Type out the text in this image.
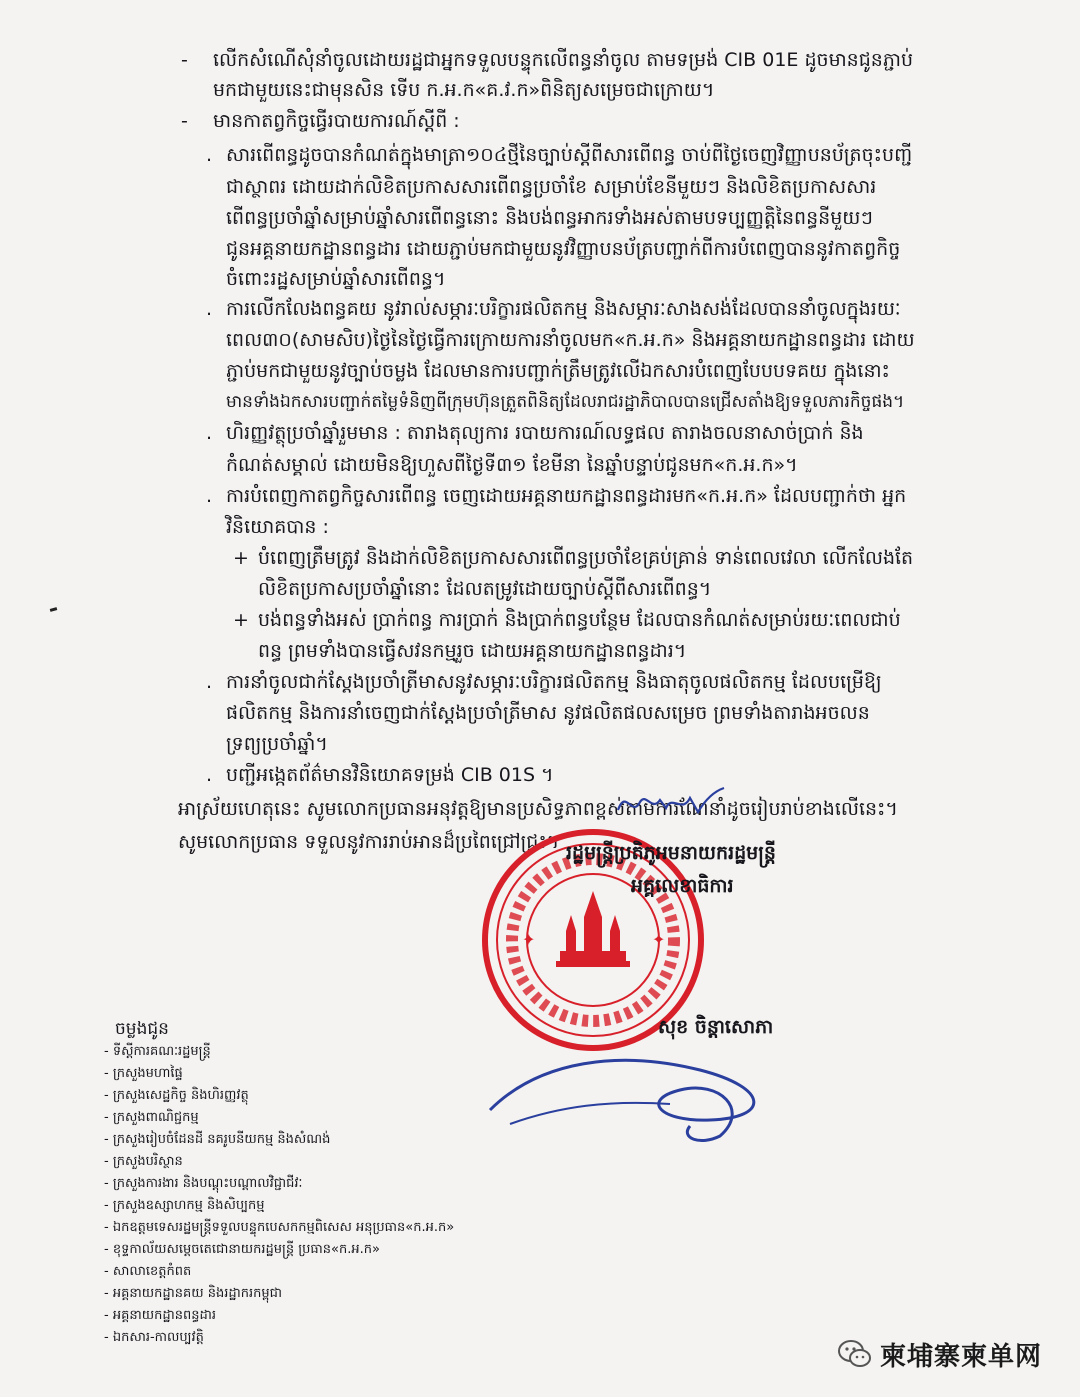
- លើកសំណើសុំនាំចូលដោយរដ្ឋជាអ្នកទទួលបន្ទុកលើពន្ធនាំចូល តាមទម្រង់ CIB 01E ដូចមានជូនភ្ជាប់
មកជាមួយនេះជាមុនសិន ទើប ក.អ.ក«គ.វ.ក»ពិនិត្យសម្រេចជាក្រោយ។
- មានកាតព្វកិច្ចធ្វើរបាយការណ៍ស្តីពី :
. សារពើពន្ធដូចបានកំណត់ក្នុងមាត្រា១០៤ថ្មីនៃច្បាប់ស្តីពីសារពើពន្ធ ចាប់ពីថ្ងៃចេញវិញ្ញាបនប័ត្រចុះបញ្ជី
ជាស្ថាពរ ដោយដាក់លិខិតប្រកាសសារពើពន្ធប្រចាំខែ សម្រាប់ខែនីមួយៗ និងលិខិតប្រកាសសារ
ពើពន្ធប្រចាំឆ្នាំសម្រាប់ឆ្នាំសារពើពន្ធនោះ និងបង់ពន្ធអាករទាំងអស់តាមបទប្បញ្ញត្តិនៃពន្ធនីមួយៗ
ជូនអគ្គនាយកដ្ឋានពន្ធដារ ដោយភ្ជាប់មកជាមួយនូវវិញ្ញាបនប័ត្របញ្ជាក់ពីការបំពេញបាននូវកាតព្វកិច្ច
ចំពោះរដ្ឋសម្រាប់ឆ្នាំសារពើពន្ធ។
. ការលើកលែងពន្ធគយ នូវរាល់សម្ភារៈបរិក្ខារផលិតកម្ម និងសម្ភារៈសាងសង់ដែលបាននាំចូលក្នុងរយៈ
ពេល៣០(សាមសិប)ថ្ងៃនៃថ្ងៃធ្វើការក្រោយការនាំចូលមក«ក.អ.ក» និងអគ្គនាយកដ្ឋានពន្ធដារ ដោយ
ភ្ជាប់មកជាមួយនូវច្បាប់ចម្លង ដែលមានការបញ្ជាក់ត្រឹមត្រូវលើឯកសារបំពេញបែបបទគយ ក្នុងនោះ
មានទាំងឯកសារបញ្ជាក់តម្លៃទំនិញពីក្រុមហ៊ុនត្រួតពិនិត្យដែលរាជរដ្ឋាភិបាលបានជ្រើសតាំងឱ្យទទួលភារកិច្ចផង។
. ហិរញ្ញវត្ថុប្រចាំឆ្នាំរួមមាន : តារាងតុល្យការ របាយការណ៍លទ្ធផល តារាងចលនាសាច់ប្រាក់ និង
កំណត់សម្គាល់ ដោយមិនឱ្យហួសពីថ្ងៃទី៣១ ខែមីនា នៃឆ្នាំបន្ទាប់ជូនមក«ក.អ.ក»។
. ការបំពេញកាតព្វកិច្ចសារពើពន្ធ ចេញដោយអគ្គនាយកដ្ឋានពន្ធដារមក«ក.អ.ក» ដែលបញ្ជាក់ថា អ្នក
វិនិយោគបាន :
+ បំពេញត្រឹមត្រូវ និងដាក់លិខិតប្រកាសសារពើពន្ធប្រចាំខែគ្រប់គ្រាន់ ទាន់ពេលវេលា លើកលែងតែ
លិខិតប្រកាសប្រចាំឆ្នាំនោះ ដែលតម្រូវដោយច្បាប់ស្តីពីសារពើពន្ធ។
+ បង់ពន្ធទាំងអស់ ប្រាក់ពន្ធ ការប្រាក់ និងប្រាក់ពន្ធបន្ថែម ដែលបានកំណត់សម្រាប់រយៈពេលជាប់
ពន្ធ ព្រមទាំងបានធ្វើសវនកម្មរួច ដោយអគ្គនាយកដ្ឋានពន្ធដារ។
. ការនាំចូលជាក់ស្តែងប្រចាំត្រីមាសនូវសម្ភារៈបរិក្ខារផលិតកម្ម និងធាតុចូលផលិតកម្ម ដែលបម្រើឱ្យ
ផលិតកម្ម និងការនាំចេញជាក់ស្តែងប្រចាំត្រីមាស នូវផលិតផលសម្រេច ព្រមទាំងតារាងអចលន
ទ្រព្យប្រចាំឆ្នាំ។
. បញ្ជីអង្កេតព័ត៌មានវិនិយោគទម្រង់ CIB 01S ។
អាស្រ័យហេតុនេះ សូមលោកប្រធានអនុវត្តឱ្យមានប្រសិទ្ធភាពខ្ពស់តាមការណែនាំដូចរៀបរាប់ខាងលើនេះ។
សូមលោកប្រធាន ទទួលនូវការរាប់អានដ៏ប្រពៃជ្រៅជ្រះ។
✦	✦
រដ្ឋមន្ត្រីប្រតិភូអមនាយករដ្ឋមន្ត្រី
អគ្គលេខាធិការ
សុខ ចិន្តាសោភា
ចម្លងជូន
- ទីស្តីការគណៈរដ្ឋមន្ត្រី
- ក្រសួងមហាផ្ទៃ
- ក្រសួងសេដ្ឋកិច្ច និងហិរញ្ញវត្ថុ
- ក្រសួងពាណិជ្ជកម្ម
- ក្រសួងរៀបចំដែនដី នគរូបនីយកម្ម និងសំណង់
- ក្រសួងបរិស្ថាន
- ក្រសួងការងារ និងបណ្តុះបណ្តាលវិជ្ជាជីវៈ
- ក្រសួងឧស្សាហកម្ម និងសិប្បកម្ម
- ឯកឧត្តមទេសរដ្ឋមន្ត្រីទទួលបន្ទុកបេសកកម្មពិសេស អនុប្រធាន«ក.អ.ក»
- ខុទ្ទកាល័យសម្តេចតេជោនាយករដ្ឋមន្ត្រី ប្រធាន«ក.អ.ក»
- សាលាខេត្តកំពត
- អគ្គនាយកដ្ឋានគយ និងរដ្ឋាករកម្ពុជា
- អគ្គនាយកដ្ឋានពន្ធដារ
- ឯកសារ-កាលប្បវត្តិ
柬埔寨柬单网
